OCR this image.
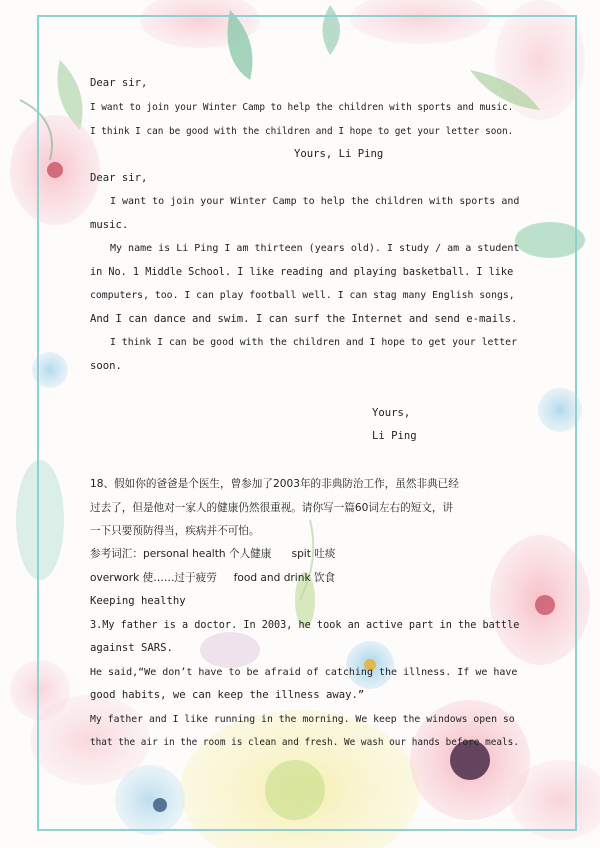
Dear sir,
I want to join your Winter Camp to help the children with sports and music.
I think I can be good with the children and I hope to get your letter soon.
Yours, Li Ping
Dear sir,
I want to join your Winter Camp to help the children with sports and
music.
My name is Li Ping I am thirteen (years old). I study / am a student
in No. 1 Middle School. I like reading and playing basketball. I like
computers, too. I can play football well. I can stag many English songs,
And I can dance and swim. I can surf the Internet and send e-mails.
I think I can be good with the children and I hope to get your letter
soon.
Yours,
Li Ping
18、假如你的爸爸是个医生，曾参加了2003年的非典防治工作，虽然非典已经
过去了，但是他对一家人的健康仍然很重视。请你写一篇60词左右的短文，讲
一下只要预防得当，疾病并不可怕。
参考词汇：personal health 个人健康      spit 吐痰
overwork 使……过于疲劳     food and drink 饮食
Keeping healthy
3.My father is a doctor. In 2003, he took an active part in the battle
against SARS.
He said,“We don’t have to be afraid of catching the illness. If we have
good habits, we can keep the illness away.”
My father and I like running in the morning. We keep the windows open so
that the air in the room is clean and fresh. We wash our hands before meals.
